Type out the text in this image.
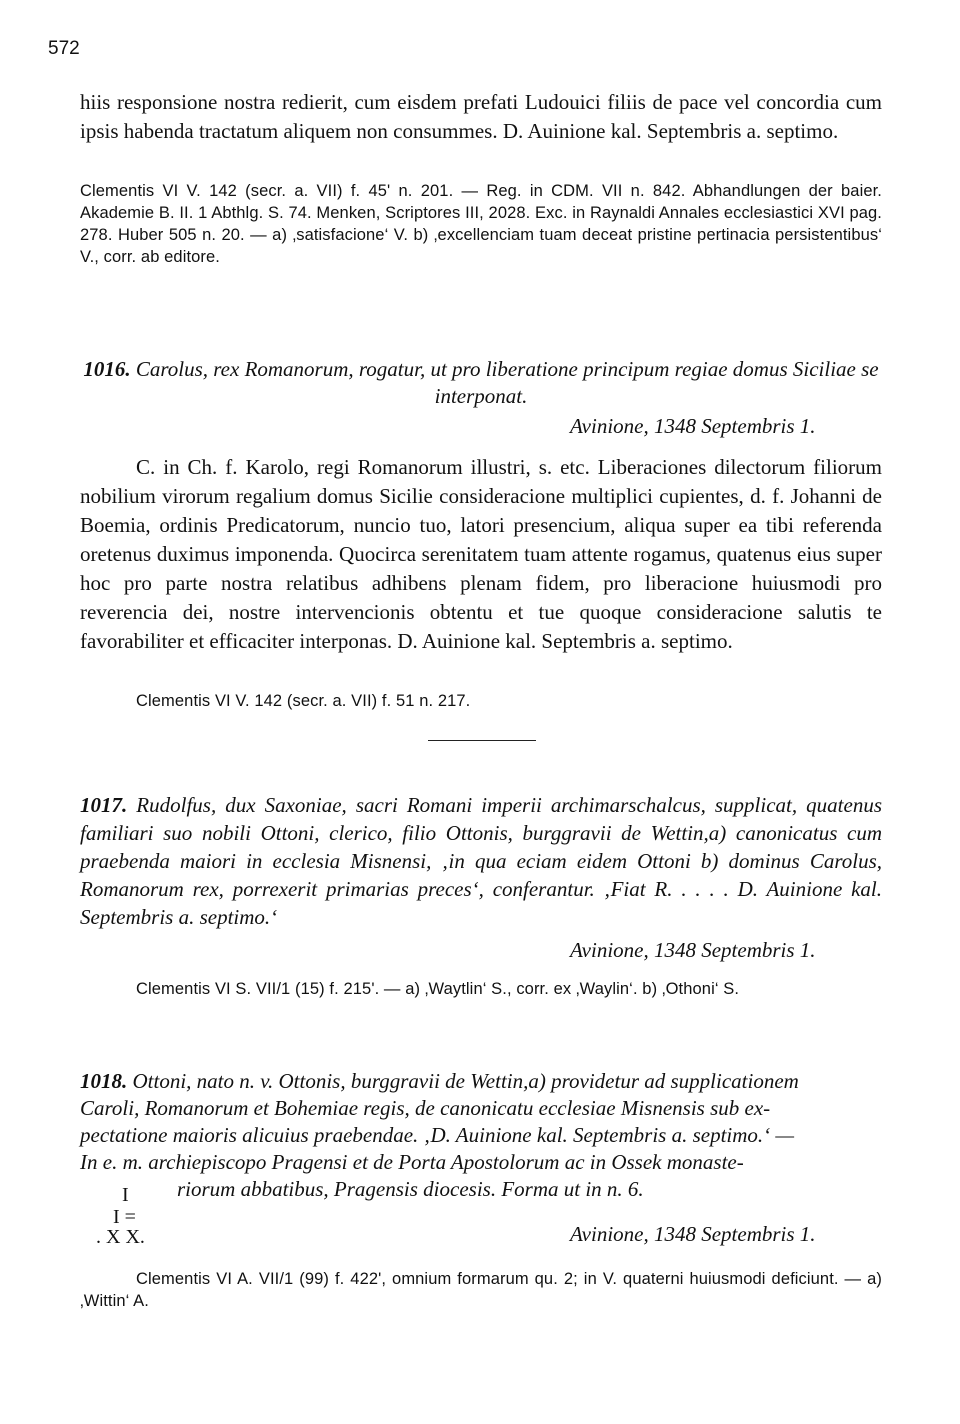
572
hiis responsione nostra redierit, cum eisdem prefati Ludouici filiis de pace vel concordia cum ipsis habenda tractatum aliquem non consummes. D. Auinione kal. Septembris a. septimo.
Clementis VI V. 142 (secr. a. VII) f. 45' n. 201. — Reg. in CDM. VII n. 842. Abhandlungen der baier. Akademie B. II. 1 Abthlg. S. 74. Menken, Scriptores III, 2028. Exc. in Raynaldi Annales ecclesiastici XVI pag. 278. Huber 505 n. 20. — a) ‚satisfacione‘ V. b) ‚excellenciam tuam deceat pristine pertinacia persistentibus‘ V., corr. ab editore.
1016. Carolus, rex Romanorum, rogatur, ut pro liberatione principum regiae domus Siciliae se interponat.
Avinione, 1348 Septembris 1.
C. in Ch. f. Karolo, regi Romanorum illustri, s. etc. Liberaciones dilectorum filiorum nobilium virorum regalium domus Sicilie consideracione multiplici cupientes, d. f. Johanni de Boemia, ordinis Predicatorum, nuncio tuo, latori presencium, aliqua super ea tibi referenda oretenus duximus imponenda. Quocirca serenitatem tuam attente rogamus, quatenus eius super hoc pro parte nostra relatibus adhibens plenam fidem, pro liberacione huiusmodi pro reverencia dei, nostre intervencionis obtentu et tue quoque consideracione salutis te favorabiliter et efficaciter interponas. D. Auinione kal. Septembris a. septimo.
Clementis VI V. 142 (secr. a. VII) f. 51 n. 217.
1017. Rudolfus, dux Saxoniae, sacri Romani imperii archimarschalcus, supplicat, quatenus familiari suo nobili Ottoni, clerico, filio Ottonis, burggravii de Wettin,a) canonicatus cum praebenda maiori in ecclesia Misnensi, ‚in qua eciam eidem Ottoni b) dominus Carolus, Romanorum rex, porrexerit primarias preces‘, conferantur. ‚Fiat R. . . . . D. Auinione kal. Septembris a. septimo.‘
Avinione, 1348 Septembris 1.
Clementis VI S. VII/1 (15) f. 215'. — a) ‚Waytlin‘ S., corr. ex ‚Waylin‘. b) ‚Othoni‘ S.
1018. Ottoni, nato n. v. Ottonis, burggravii de Wettin,a) providetur ad supplicationem
Caroli, Romanorum et Bohemiae regis, de canonicatu ecclesiae Misnensis sub ex-
pectatione maioris alicuius praebendae. ‚D. Auinione kal. Septembris a. septimo.‘ —
In e. m. archiepiscopo Pragensi et de Porta Apostolorum ac in Ossek monaste-
riorum abbatibus, Pragensis diocesis. Forma ut in n. 6.
I
I =
. X X.	Avinione, 1348 Septembris 1.
Clementis VI A. VII/1 (99) f. 422', omnium formarum qu. 2; in V. quaterni huiusmodi deficiunt. — a) ‚Wittin‘ A.
